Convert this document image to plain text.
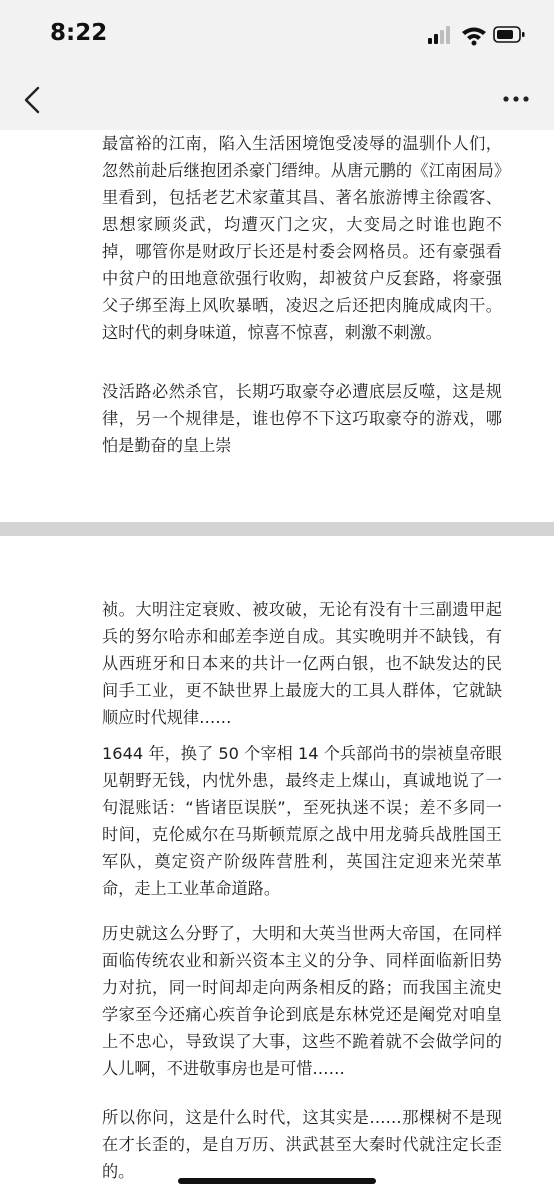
8:22

最富裕的江南，陷入生活困境饱受凌辱的温驯仆人们，忽然前赴后继抱团杀豪门缙绅。从唐元鹏的《江南困局》里看到，包括老艺术家董其昌、著名旅游博主徐霞客、思想家顾炎武，均遭灭门之灾，大变局之时谁也跑不掉，哪管你是财政厅长还是村委会网格员。还有豪强看中贫户的田地意欲强行收购，却被贫户反套路，将豪强父子绑至海上风吹暴晒，凌迟之后还把肉腌成咸肉干。这时代的刺身味道，惊喜不惊喜，刺激不刺激。

没活路必然杀官，长期巧取豪夺必遭底层反噬，这是规律，另一个规律是，谁也停不下这巧取豪夺的游戏，哪怕是勤奋的皇上崇

祯。大明注定衰败、被攻破，无论有没有十三副遗甲起兵的努尔哈赤和邮差李逆自成。其实晚明并不缺钱，有从西班牙和日本来的共计一亿两白银，也不缺发达的民间手工业，更不缺世界上最庞大的工具人群体，它就缺顺应时代规律……

1644 年，换了 50 个宰相 14 个兵部尚书的崇祯皇帝眼见朝野无钱，内忧外患，最终走上煤山，真诚地说了一句混账话：“皆诸臣误朕”，至死执迷不误；差不多同一时间，克伦威尔在马斯顿荒原之战中用龙骑兵战胜国王军队，奠定资产阶级阵营胜利，英国注定迎来光荣革命，走上工业革命道路。

历史就这么分野了，大明和大英当世两大帝国，在同样面临传统农业和新兴资本主义的分争、同样面临新旧势力对抗，同一时间却走向两条相反的路；而我国主流史学家至今还痛心疾首争论到底是东林党还是阉党对咱皇上不忠心，导致误了大事，这些不跪着就不会做学问的人儿啊，不进敬事房也是可惜……

所以你问，这是什么时代，这其实是……那棵树不是现在才长歪的，是自万历、洪武甚至大秦时代就注定长歪的。
